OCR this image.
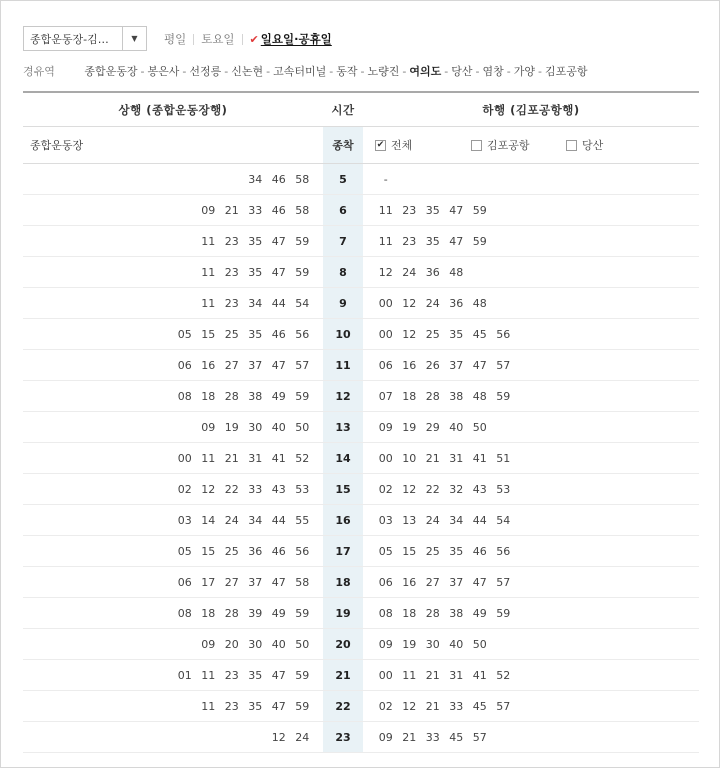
종합운동장-김…	▼	평일 토요일 ✔ 일요일·공휴일
경유역	종합운동장 - 봉은사 - 선정릉 - 신논현 - 고속터미널 - 동작 - 노량진 - 여의도 - 당산 - 염창 - 가양 - 김포공항
상행 (종합운동장행)	시간	하행 (김포공항행)
종합운동장	종착	✔ 전체	김포공항	당산
34 46 58	5	-
09 21 33 46 58	6	11 23 35 47 59
11 23 35 47 59	7	11 23 35 47 59
11 23 35 47 59	8	12 24 36 48
11 23 34 44 54	9	00 12 24 36 48
05 15 25 35 46 56	10	00 12 25 35 45 56
06 16 27 37 47 57	11	06 16 26 37 47 57
08 18 28 38 49 59	12	07 18 28 38 48 59
09 19 30 40 50	13	09 19 29 40 50
00 11 21 31 41 52	14	00 10 21 31 41 51
02 12 22 33 43 53	15	02 12 22 32 43 53
03 14 24 34 44 55	16	03 13 24 34 44 54
05 15 25 36 46 56	17	05 15 25 35 46 56
06 17 27 37 47 58	18	06 16 27 37 47 57
08 18 28 39 49 59	19	08 18 28 38 49 59
09 20 30 40 50	20	09 19 30 40 50
01 11 23 35 47 59	21	00 11 21 31 41 52
11 23 35 47 59	22	02 12 21 33 45 57
12 24	23	09 21 33 45 57
